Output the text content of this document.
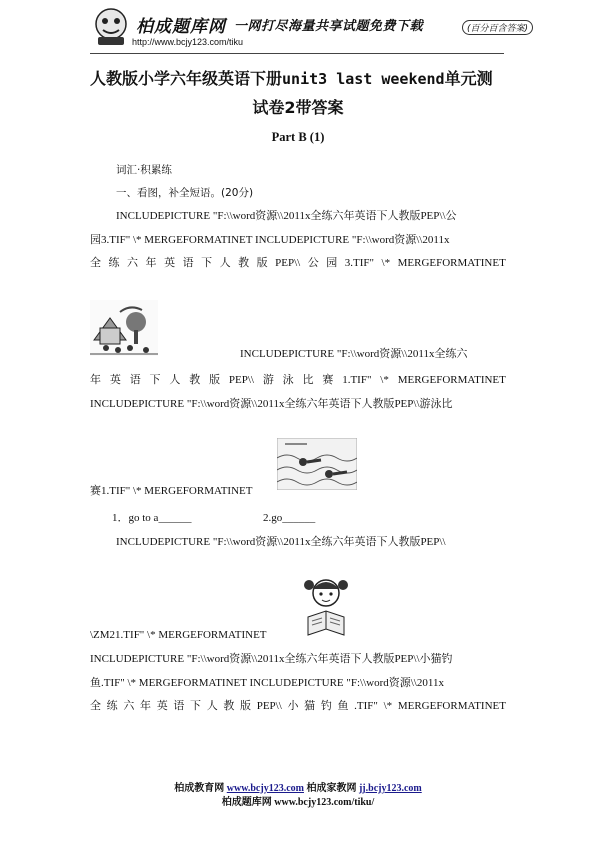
柏成题库网 一网打尽海量共享试题免费下载	(百分百含答案)
http://www.bcjy123.com/tiku
人教版小学六年级英语下册unit3 last weekend单元测
试卷2带答案
Part B (1)
词汇·积累练
一、看图，补全短语。(20分)
INCLUDEPICTURE "F:\\word资源\\2011x全练六年英语下人教版PEP\\公
园3.TIF" \* MERGEFORMATINET INCLUDEPICTURE "F:\\word资源\\2011x
全 练 六 年 英 语 下 人 教 版 PEP\\ 公 园 3.TIF" \* MERGEFORMATINET
INCLUDEPICTURE "F:\\word资源\\2011x全练六
年 英 语 下 人 教 版 PEP\\ 游 泳 比 赛 1.TIF" \* MERGEFORMATINET
INCLUDEPICTURE "F:\\word资源\\2011x全练六年英语下人教版PEP\\游泳比
赛1.TIF" \* MERGEFORMATINET
1．go to a______	2.go______
INCLUDEPICTURE "F:\\word资源\\2011x全练六年英语下人教版PEP\\
\ZM21.TIF" \* MERGEFORMATINET
INCLUDEPICTURE "F:\\word资源\\2011x全练六年英语下人教版PEP\\小猫钓
鱼.TIF" \* MERGEFORMATINET INCLUDEPICTURE "F:\\word资源\\2011x
全 练 六 年 英 语 下 人 教 版 PEP\\ 小 猫 钓 鱼 .TIF" \* MERGEFORMATINET
柏成教育网 www.bcjy123.com 柏成家教网 jj.bcjy123.com
柏成题库网 www.bcjy123.com/tiku/
